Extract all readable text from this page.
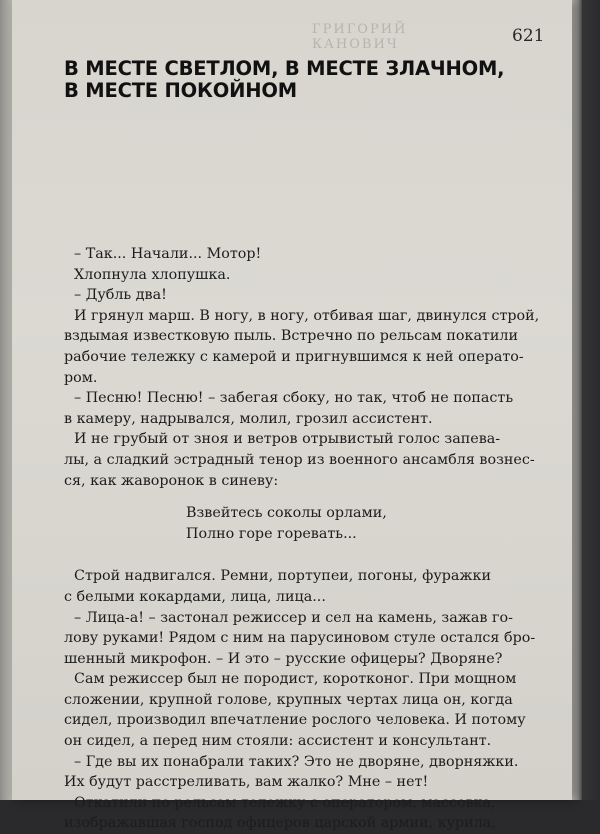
ГРИГОРИЙ КАНОВИЧ	621
В МЕСТЕ СВЕТЛОМ, В МЕСТЕ ЗЛАЧНОМ,
В МЕСТЕ ПОКОЙНОМ
– Так... Начали... Мотор!
Хлопнула хлопушка.
– Дубль два!
И грянул марш. В ногу, в ногу, отбивая шаг, двинулся строй,
вздымая известковую пыль. Встречно по рельсам покатили
рабочие тележку с камерой и пригнувшимся к ней операто-
ром.
– Песню! Песню! – забегая сбоку, но так, чтоб не попасть
в камеру, надрывался, молил, грозил ассистент.
И не грубый от зноя и ветров отрывистый голос запева-
лы, а сладкий эстрадный тенор из военного ансамбля вознес-
ся, как жаворонок в синеву:
Взвейтесь соколы орлами,
Полно горе горевать...
Строй надвигался. Ремни, портупеи, погоны, фуражки
с белыми кокардами, лица, лица...
– Лица-а! – застонал режиссер и сел на камень, зажав го-
лову руками! Рядом с ним на парусиновом стуле остался бро-
шенный микрофон. – И это – русские офицеры? Дворяне?
Сам режиссер был не породист, коротконог. При мощном
сложении, крупной голове, крупных чертах лица он, когда
сидел, производил впечатление рослого человека. И потому
он сидел, а перед ним стояли: ассистент и консультант.
– Где вы их понабрали таких? Это не дворяне, дворняжки.
Их будут расстреливать, вам жалко? Мне – нет!
Откатили по рельсам тележку с оператором, массовка,
изображавшая господ офицеров царской армии, курила,
